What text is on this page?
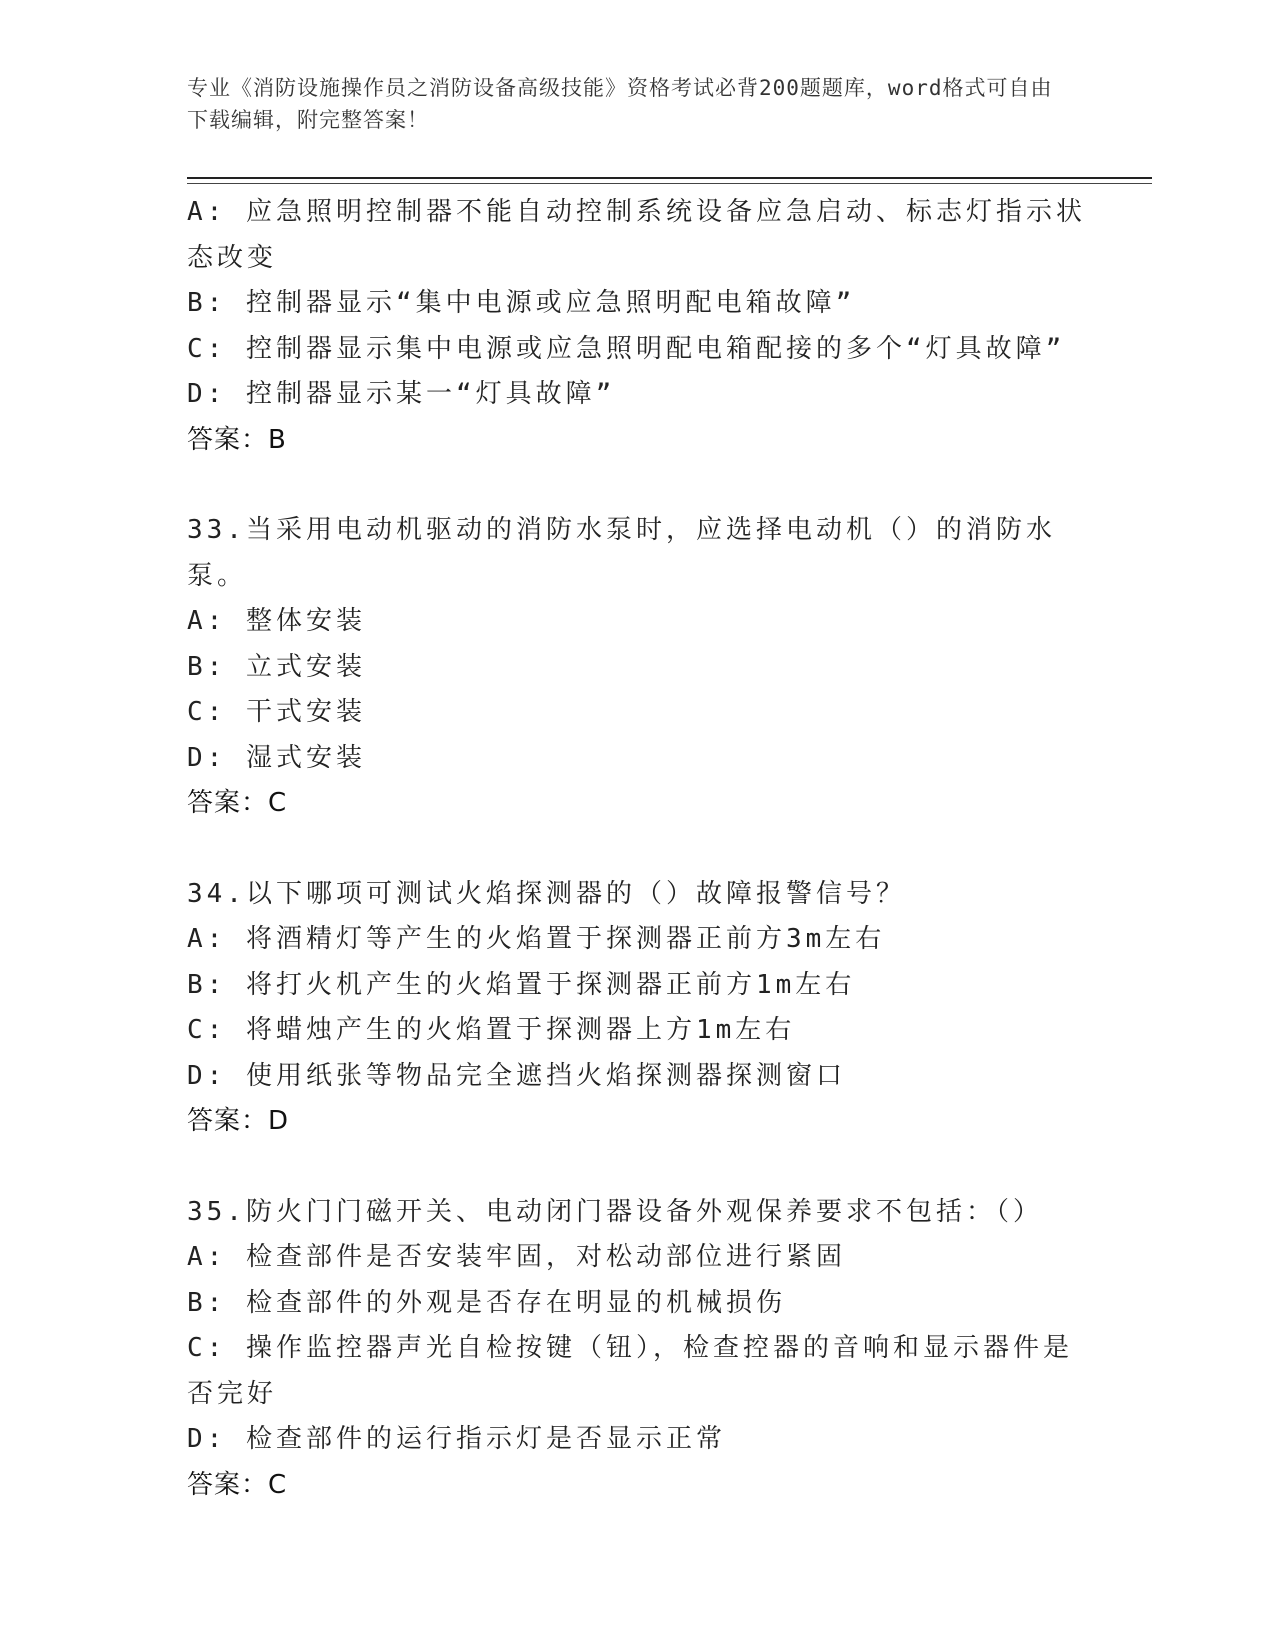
专业《消防设施操作员之消防设备高级技能》资格考试必背200题题库，word格式可自由下载编辑，附完整答案！
A: 应急照明控制器不能自动控制系统设备应急启动、标志灯指示状态改变
B: 控制器显示“集中电源或应急照明配电箱故障”
C: 控制器显示集中电源或应急照明配电箱配接的多个“灯具故障”
D: 控制器显示某一“灯具故障”
答案：B
33.当采用电动机驱动的消防水泵时，应选择电动机（）的消防水泵。
A: 整体安装
B: 立式安装
C: 干式安装
D: 湿式安装
答案：C
34.以下哪项可测试火焰探测器的（）故障报警信号？
A: 将酒精灯等产生的火焰置于探测器正前方3m左右
B: 将打火机产生的火焰置于探测器正前方1m左右
C: 将蜡烛产生的火焰置于探测器上方1m左右
D: 使用纸张等物品完全遮挡火焰探测器探测窗口
答案：D
35.防火门门磁开关、电动闭门器设备外观保养要求不包括：（）
A: 检查部件是否安装牢固，对松动部位进行紧固
B: 检查部件的外观是否存在明显的机械损伤
C: 操作监控器声光自检按键（钮），检查控器的音响和显示器件是否完好
D: 检查部件的运行指示灯是否显示正常
答案：C
